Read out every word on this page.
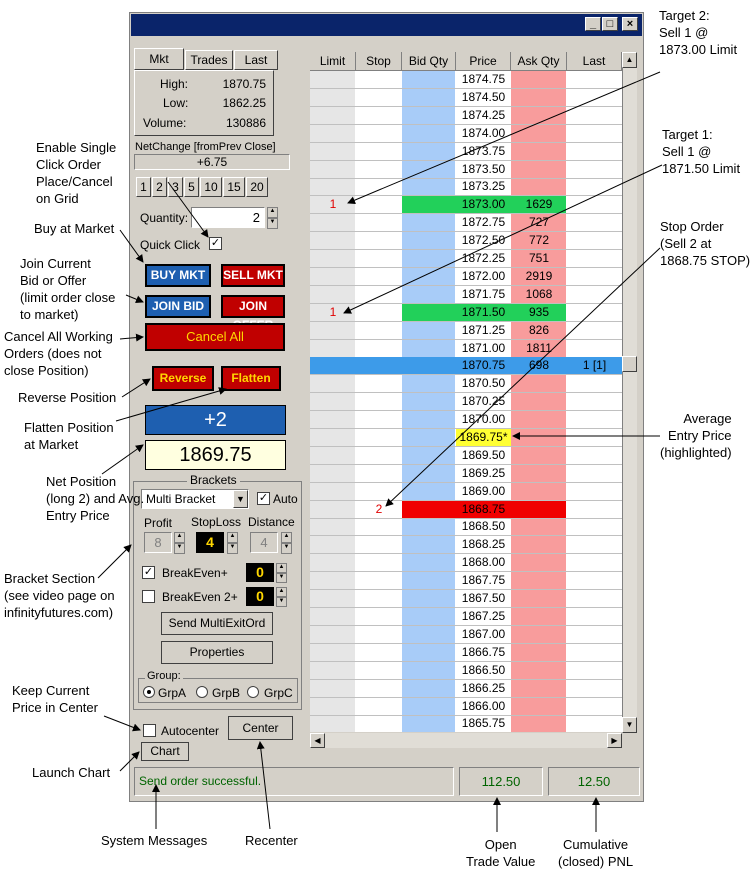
_ □	×
Mkt	Trades	Last
High:	1870.75
Low:	1862.25
Volume:	130886
NetChange [fromPrev Close]
+6.75
1 2 3 5 10 15 20
Quantity:	2	▲
▼
Quick Click ✓
BUY MKT	SELL MKT
JOIN BID	JOIN
Cancel All
Reverse	Flatten
+2
1869.75
Brackets
Multi Bracket	▼ ✓ Auto
Profit StopLoss Distance
8	▲
▼	4	▲
▼	4	▲
▼
✓ BreakEven+	0	▲
▼
BreakEven 2+	0	▲
▼
Send MultiExitOrd
Properties
Group:
GrpA GrpB GrpC
Autocenter	Center
Chart
Send order successful.	112.50	12.50
1874.75
1874.50
1874.25
1874.00
1873.75
1873.50
1873.25
1	1873.00	1629
1872.75	727
1872.50	772
1872.25	751
1872.00	2919
1871.75	1068
1	1871.50	935
1871.25	826
1871.00	1811
1870.75	698	1 [1]
1870.50
1870.25
1870.00
1869.75*
1869.50
1869.25
1869.00
2	1868.75
1868.50
1868.25
1868.00
1867.75
1867.50
1867.25
1867.00
1866.75
1866.50
1866.25
1866.00
1865.75
Limit	Stop	Bid Qty	Price	Ask Qty	Last	▲
▼
◀	▶
Target 2:
Sell 1 @
1873.00 Limit
Target 1:
Sell 1 @
1871.50 Limit
Stop Order
(Sell 2 at
1868.75 STOP)
Average
Entry Price
(highlighted)
Enable Single
Click Order
Place/Cancel
on Grid
Buy at Market
Join Current
Bid or Offer
(limit order close
to market)
Cancel All Working
Orders (does not
close Position)
Reverse Position
Flatten Position
at Market
Net Position
(long 2) and Avg.
Entry Price
Bracket Section
(see video page on
infinityfutures.com)
Keep Current
Price in Center
Launch Chart
System Messages	Recenter	Open
Trade Value
Cumulative
(closed) PNL
